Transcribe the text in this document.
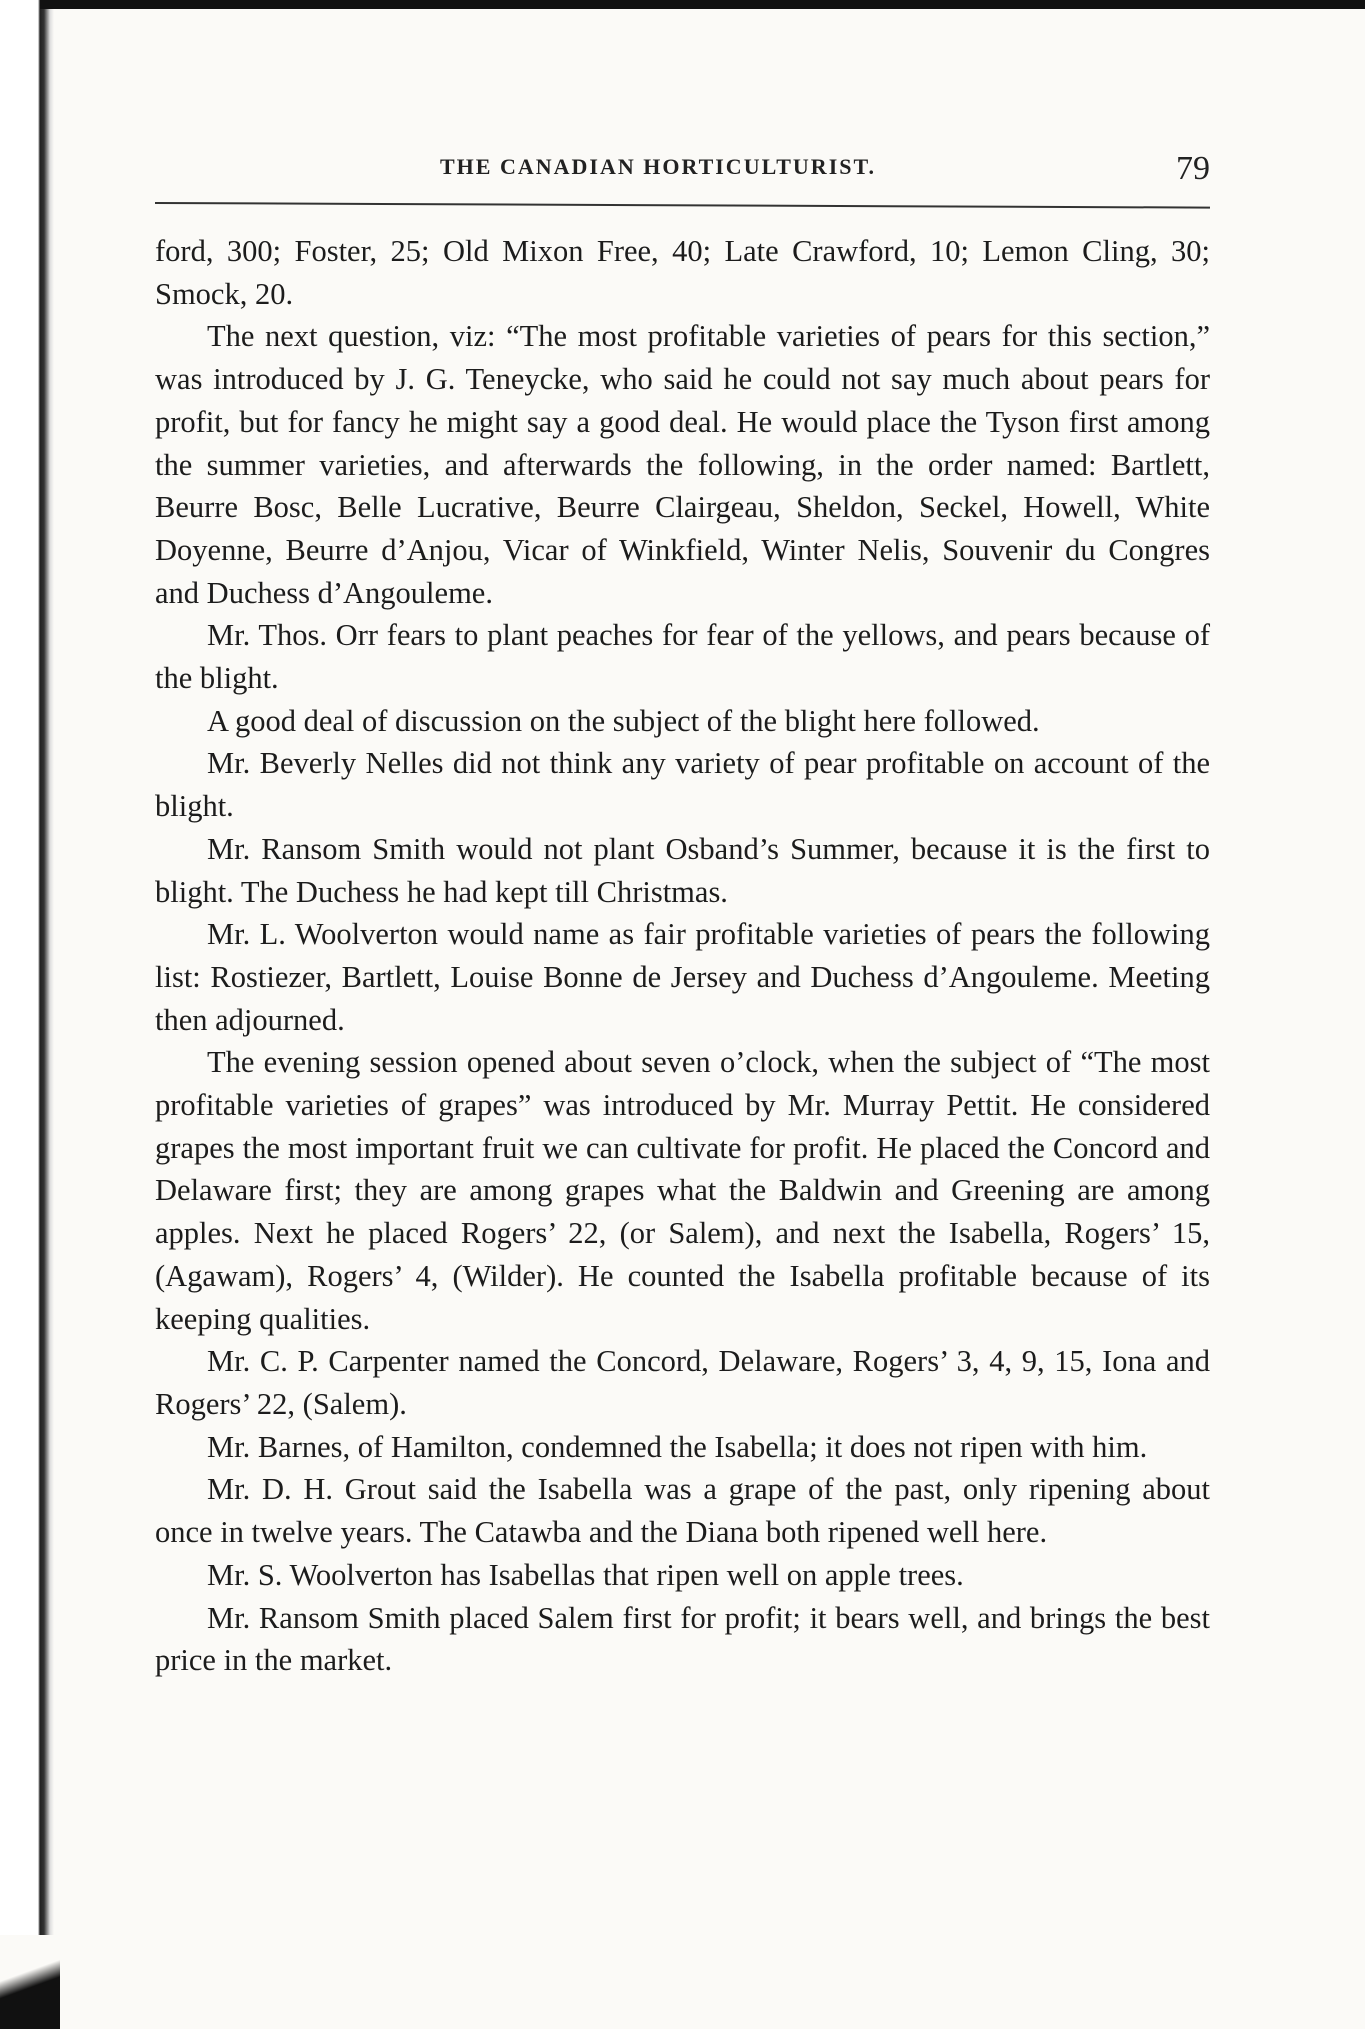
THE CANADIAN HORTICULTURIST.	79

ford, 300; Foster, 25; Old Mixon Free, 40; Late Crawford, 10; Lemon Cling, 30; Smock, 20.

The next question, viz: “The most profitable varieties of pears for this section,” was introduced by J. G. Teneycke, who said he could not say much about pears for profit, but for fancy he might say a good deal. He would place the Tyson first among the summer varieties, and afterwards the following, in the order named: Bartlett, Beurre Bosc, Belle Lucrative, Beurre Clairgeau, Sheldon, Seckel, Howell, White Doyenne, Beurre d’Anjou, Vicar of Winkfield, Winter Nelis, Souvenir du Congres and Duchess d’Angouleme.

Mr. Thos. Orr fears to plant peaches for fear of the yellows, and pears because of the blight.

A good deal of discussion on the subject of the blight here followed.

Mr. Beverly Nelles did not think any variety of pear profitable on account of the blight.

Mr. Ransom Smith would not plant Osband’s Summer, because it is the first to blight. The Duchess he had kept till Christmas.

Mr. L. Woolverton would name as fair profitable varieties of pears the following list: Rostiezer, Bartlett, Louise Bonne de Jersey and Duchess d’Angouleme. Meeting then adjourned.

The evening session opened about seven o’clock, when the subject of “The most profitable varieties of grapes” was introduced by Mr. Murray Pettit. He considered grapes the most important fruit we can cultivate for profit. He placed the Concord and Delaware first; they are among grapes what the Baldwin and Greening are among apples. Next he placed Rogers’ 22, (or Salem), and next the Isabella, Rogers’ 15, (Agawam), Rogers’ 4, (Wilder). He counted the Isabella profitable because of its keeping qualities.

Mr. C. P. Carpenter named the Concord, Delaware, Rogers’ 3, 4, 9, 15, Iona and Rogers’ 22, (Salem).

Mr. Barnes, of Hamilton, condemned the Isabella; it does not ripen with him.

Mr. D. H. Grout said the Isabella was a grape of the past, only ripening about once in twelve years. The Catawba and the Diana both ripened well here.

Mr. S. Woolverton has Isabellas that ripen well on apple trees.

Mr. Ransom Smith placed Salem first for profit; it bears well, and brings the best price in the market.
